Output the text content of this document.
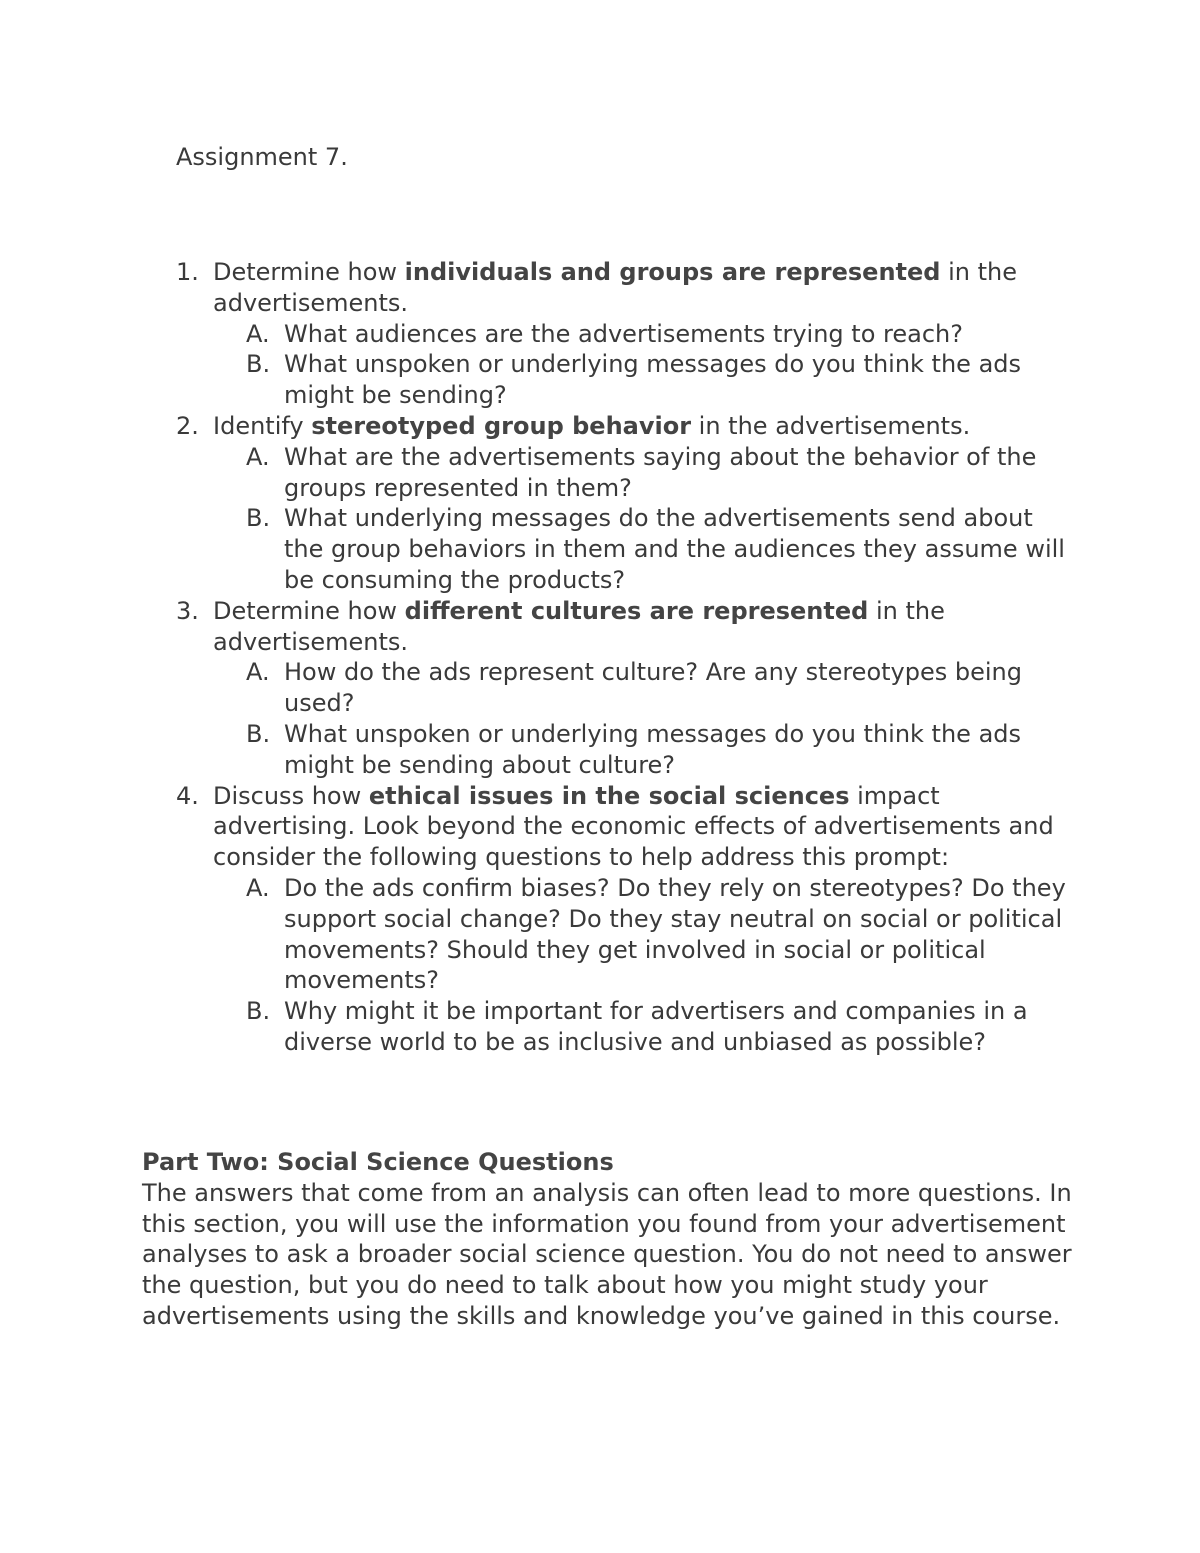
Assignment 7.
1. Determine how individuals and groups are represented in the advertisements.
A. What audiences are the advertisements trying to reach?
B. What unspoken or underlying messages do you think the ads might be sending?
2. Identify stereotyped group behavior in the advertisements.
A. What are the advertisements saying about the behavior of the groups represented in them?
B. What underlying messages do the advertisements send about the group behaviors in them and the audiences they assume will be consuming the products?
3. Determine how different cultures are represented in the advertisements.
A. How do the ads represent culture? Are any stereotypes being used?
B. What unspoken or underlying messages do you think the ads might be sending about culture?
4. Discuss how ethical issues in the social sciences impact advertising. Look beyond the economic effects of advertisements and consider the following questions to help address this prompt:
A. Do the ads confirm biases? Do they rely on stereotypes? Do they support social change? Do they stay neutral on social or political movements? Should they get involved in social or political movements?
B. Why might it be important for advertisers and companies in a diverse world to be as inclusive and unbiased as possible?
Part Two: Social Science Questions
The answers that come from an analysis can often lead to more questions. In this section, you will use the information you found from your advertisement analyses to ask a broader social science question. You do not need to answer the question, but you do need to talk about how you might study your advertisements using the skills and knowledge you’ve gained in this course.
